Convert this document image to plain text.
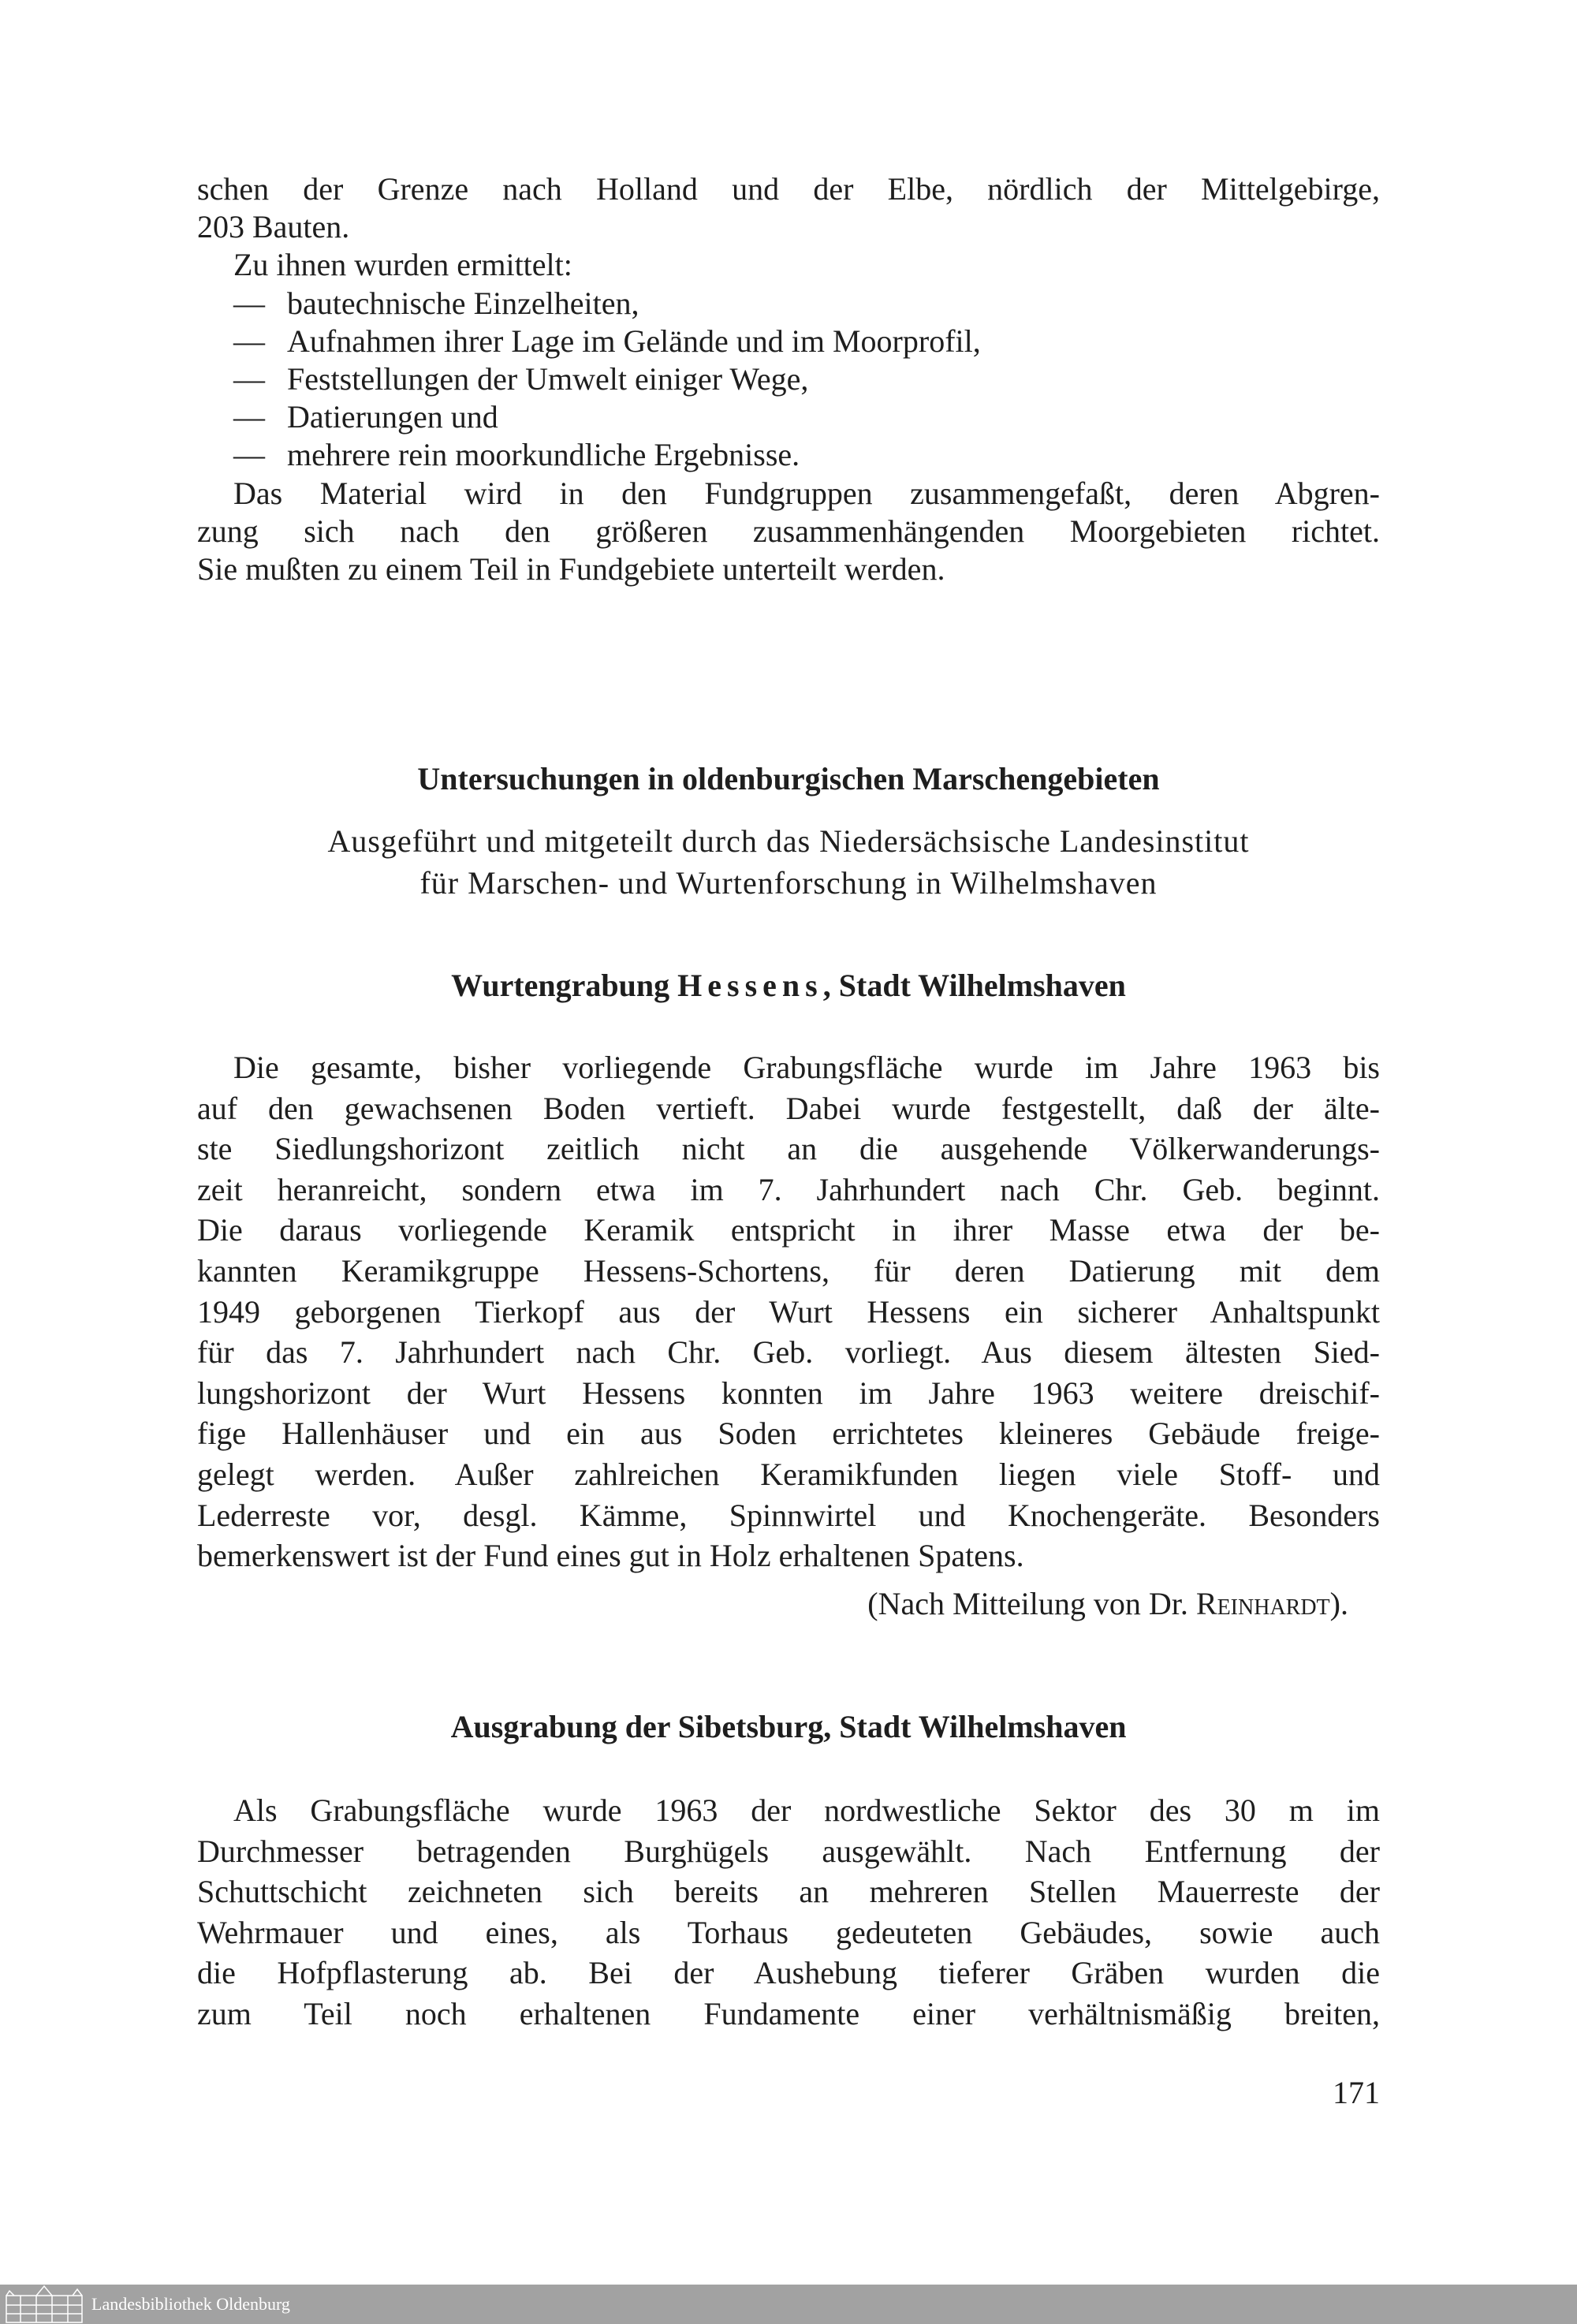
schen der Grenze nach Holland und der Elbe, nördlich der Mittelgebirge,
203 Bauten.
Zu ihnen wurden ermittelt:
— bautechnische Einzelheiten,
— Aufnahmen ihrer Lage im Gelände und im Moorprofil,
— Feststellungen der Umwelt einiger Wege,
— Datierungen und
— mehrere rein moorkundliche Ergebnisse.
Das Material wird in den Fundgruppen zusammengefaßt, deren Abgren-
zung sich nach den größeren zusammenhängenden Moorgebieten richtet.
Sie mußten zu einem Teil in Fundgebiete unterteilt werden.
Untersuchungen in oldenburgischen Marschengebieten
Ausgeführt und mitgeteilt durch das Niedersächsische Landesinstitut
für Marschen- und Wurtenforschung in Wilhelmshaven
Wurtengrabung Hessens, Stadt Wilhelmshaven
Die gesamte, bisher vorliegende Grabungsfläche wurde im Jahre 1963 bis
auf den gewachsenen Boden vertieft. Dabei wurde festgestellt, daß der älte-
ste Siedlungshorizont zeitlich nicht an die ausgehende Völkerwanderungs-
zeit heranreicht, sondern etwa im 7. Jahrhundert nach Chr. Geb. beginnt.
Die daraus vorliegende Keramik entspricht in ihrer Masse etwa der be-
kannten Keramikgruppe Hessens-Schortens, für deren Datierung mit dem
1949 geborgenen Tierkopf aus der Wurt Hessens ein sicherer Anhaltspunkt
für das 7. Jahrhundert nach Chr. Geb. vorliegt. Aus diesem ältesten Sied-
lungshorizont der Wurt Hessens konnten im Jahre 1963 weitere dreischif-
fige Hallenhäuser und ein aus Soden errichtetes kleineres Gebäude freige-
gelegt werden. Außer zahlreichen Keramikfunden liegen viele Stoff- und
Lederreste vor, desgl. Kämme, Spinnwirtel und Knochengeräte. Besonders
bemerkenswert ist der Fund eines gut in Holz erhaltenen Spatens.
(Nach Mitteilung von Dr. Reinhardt).
Ausgrabung der Sibetsburg, Stadt Wilhelmshaven
Als Grabungsfläche wurde 1963 der nordwestliche Sektor des 30 m im
Durchmesser betragenden Burghügels ausgewählt. Nach Entfernung der
Schuttschicht zeichneten sich bereits an mehreren Stellen Mauerreste der
Wehrmauer und eines, als Torhaus gedeuteten Gebäudes, sowie auch
die Hofpflasterung ab. Bei der Aushebung tieferer Gräben wurden die
zum Teil noch erhaltenen Fundamente einer verhältnismäßig breiten,
171
Landesbibliothek Oldenburg
